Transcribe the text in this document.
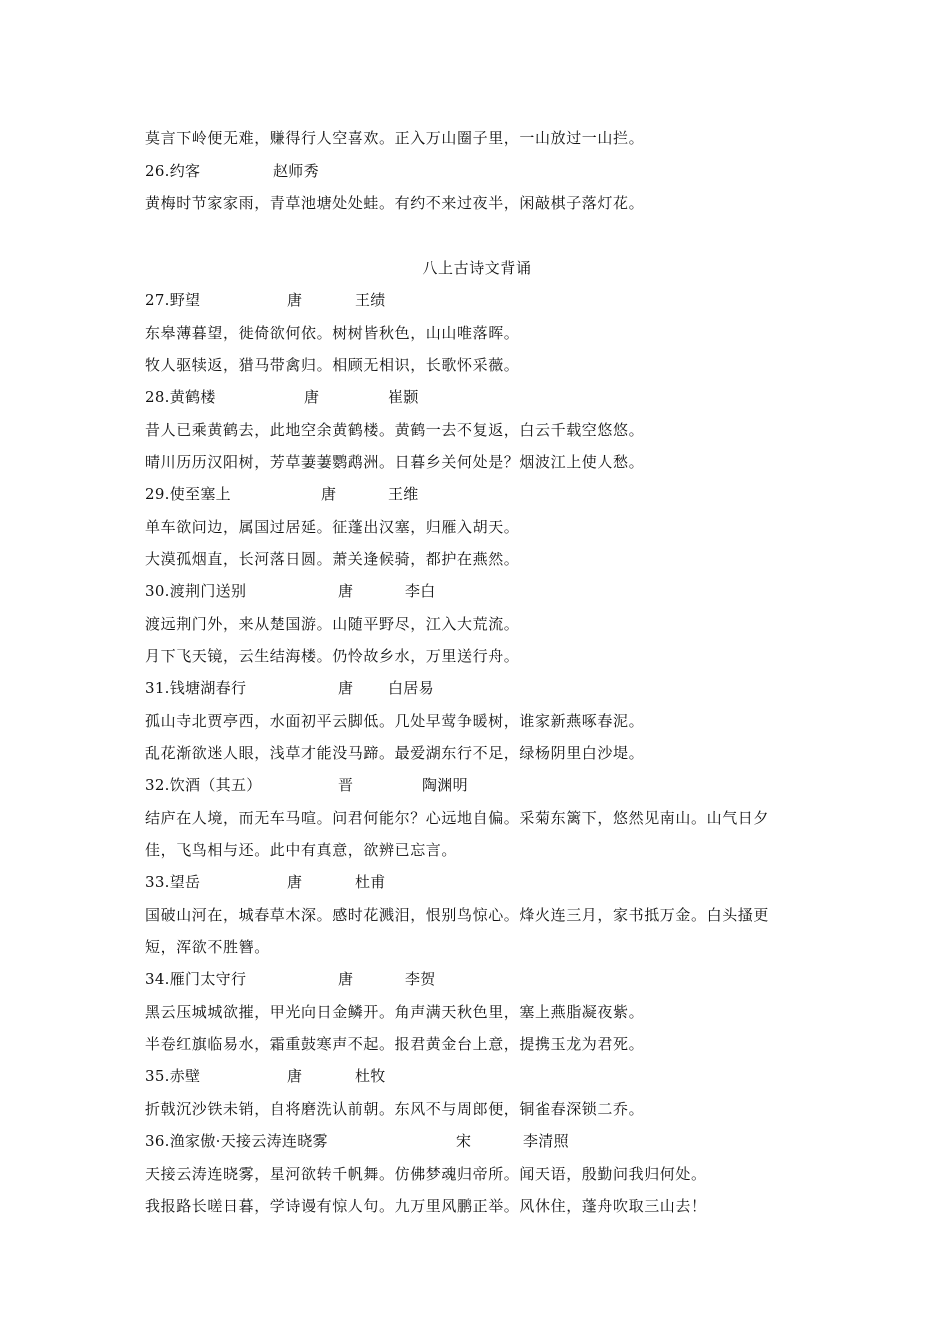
莫言下岭便无难，赚得行人空喜欢。正入万山圈子里，一山放过一山拦。
26.约客	赵师秀
黄梅时节家家雨，青草池塘处处蛙。有约不来过夜半，闲敲棋子落灯花。
八上古诗文背诵
27.野望	唐	王绩
东皋薄暮望，徙倚欲何依。树树皆秋色，山山唯落晖。
牧人驱犊返，猎马带禽归。相顾无相识，长歌怀采薇。
28.黄鹤楼	唐	崔颢
昔人已乘黄鹤去，此地空余黄鹤楼。黄鹤一去不复返，白云千载空悠悠。
晴川历历汉阳树，芳草萋萋鹦鹉洲。日暮乡关何处是？烟波江上使人愁。
29.使至塞上	唐	王维
单车欲问边，属国过居延。征蓬出汉塞，归雁入胡天。
大漠孤烟直，长河落日圆。萧关逢候骑，都护在燕然。
30.渡荆门送别	唐	李白
渡远荆门外，来从楚国游。山随平野尽，江入大荒流。
月下飞天镜，云生结海楼。仍怜故乡水，万里送行舟。
31.钱塘湖春行	唐 白居易
孤山寺北贾亭西，水面初平云脚低。几处早莺争暖树，谁家新燕啄春泥。
乱花渐欲迷人眼，浅草才能没马蹄。最爱湖东行不足，绿杨阴里白沙堤。
32.饮酒（其五）	晋	陶渊明
结庐在人境，而无车马喧。问君何能尔？心远地自偏。采菊东篱下，悠然见南山。山气日夕
佳，飞鸟相与还。此中有真意，欲辨已忘言。
33.望岳	唐	杜甫
国破山河在，城春草木深。感时花溅泪，恨别鸟惊心。烽火连三月，家书抵万金。白头搔更
短，浑欲不胜簪。
34.雁门太守行	唐	李贺
黑云压城城欲摧，甲光向日金鳞开。角声满天秋色里，塞上燕脂凝夜紫。
半卷红旗临易水，霜重鼓寒声不起。报君黄金台上意，提携玉龙为君死。
35.赤壁	唐	杜牧
折戟沉沙铁未销，自将磨洗认前朝。东风不与周郎便，铜雀春深锁二乔。
36.渔家傲·天接云涛连晓雾	宋	李清照
天接云涛连晓雾，星河欲转千帆舞。仿佛梦魂归帝所。闻天语，殷勤问我归何处。
我报路长嗟日暮，学诗谩有惊人句。九万里风鹏正举。风休住，蓬舟吹取三山去！
